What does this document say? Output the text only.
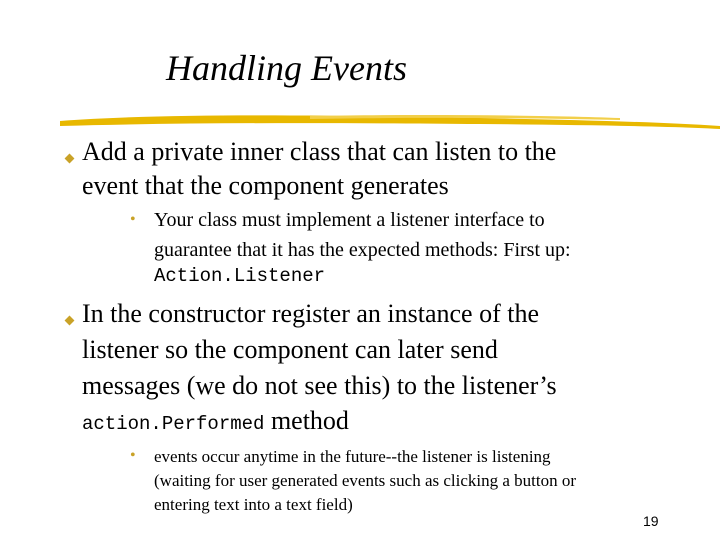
Handling Events
Add a private inner class that can listen to the
event that the component generates
• Your class must implement a listener interface to
guarantee that it has the expected methods: First up:
Action.Listener
In the constructor register an instance of the
listener so the component can later send
messages (we do not see this) to the listener’s
action.Performed method
• events occur anytime in the future--the listener is listening
(waiting for user generated events such as clicking a button or
entering text into a text field)
19
